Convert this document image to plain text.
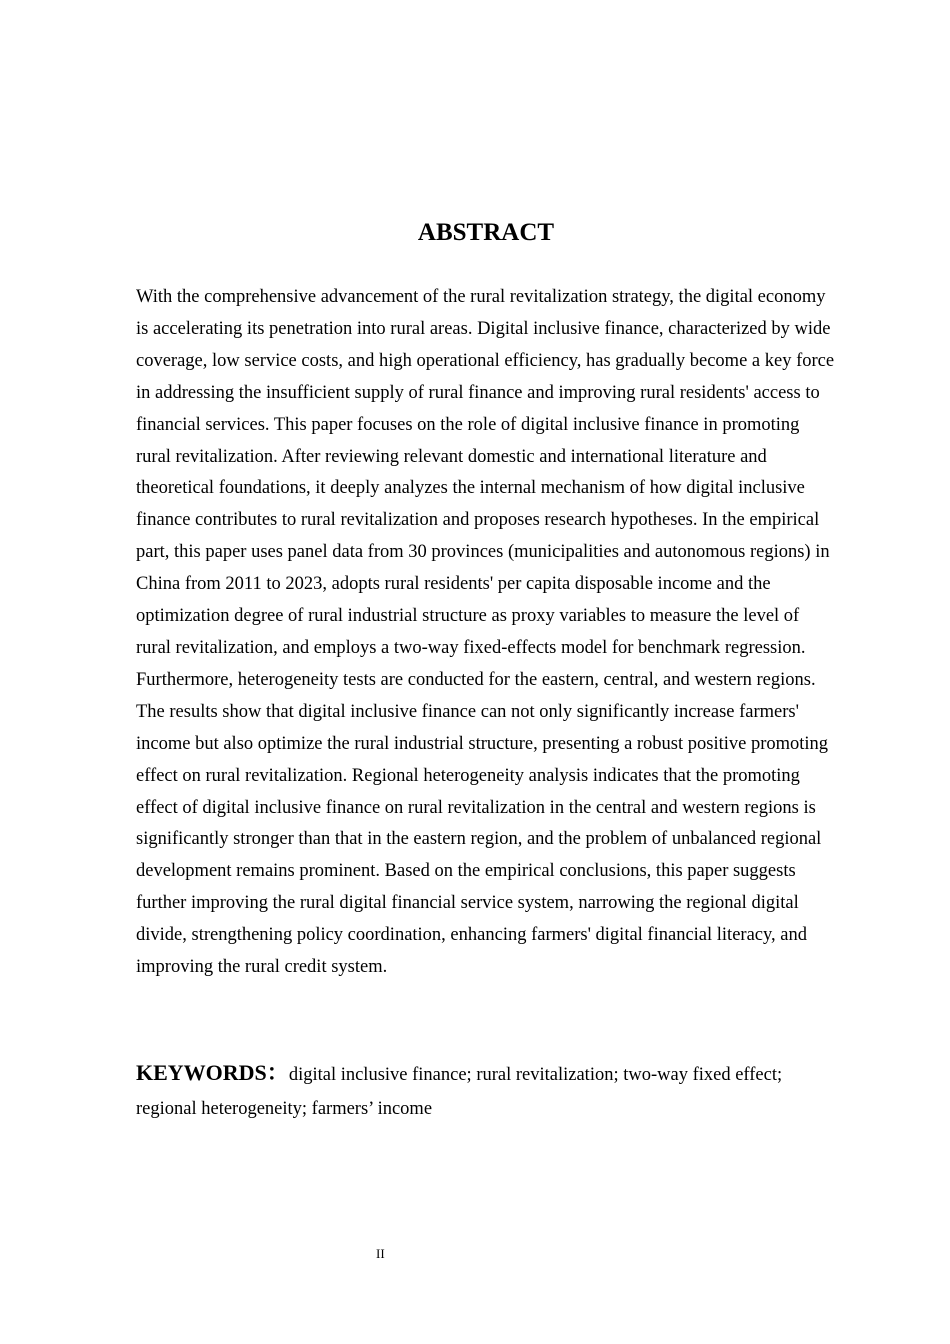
ABSTRACT

With the comprehensive advancement of the rural revitalization strategy, the digital economy is accelerating its penetration into rural areas. Digital inclusive finance, characterized by wide coverage, low service costs, and high operational efficiency, has gradually become a key force in addressing the insufficient supply of rural finance and improving rural residents' access to financial services. This paper focuses on the role of digital inclusive finance in promoting rural revitalization. After reviewing relevant domestic and international literature and theoretical foundations, it deeply analyzes the internal mechanism of how digital inclusive finance contributes to rural revitalization and proposes research hypotheses. In the empirical part, this paper uses panel data from 30 provinces (municipalities and autonomous regions) in China from 2011 to 2023, adopts rural residents' per capita disposable income and the optimization degree of rural industrial structure as proxy variables to measure the level of rural revitalization, and employs a two-way fixed-effects model for benchmark regression. Furthermore, heterogeneity tests are conducted for the eastern, central, and western regions.

The results show that digital inclusive finance can not only significantly increase farmers' income but also optimize the rural industrial structure, presenting a robust positive promoting effect on rural revitalization. Regional heterogeneity analysis indicates that the promoting effect of digital inclusive finance on rural revitalization in the central and western regions is significantly stronger than that in the eastern region, and the problem of unbalanced regional development remains prominent. Based on the empirical conclusions, this paper suggests further improving the rural digital financial service system, narrowing the regional digital divide, strengthening policy coordination, enhancing farmers' digital financial literacy, and improving the rural credit system.

KEYWORDS：digital inclusive finance; rural revitalization; two-way fixed effect; regional heterogeneity; farmers’ income
II
